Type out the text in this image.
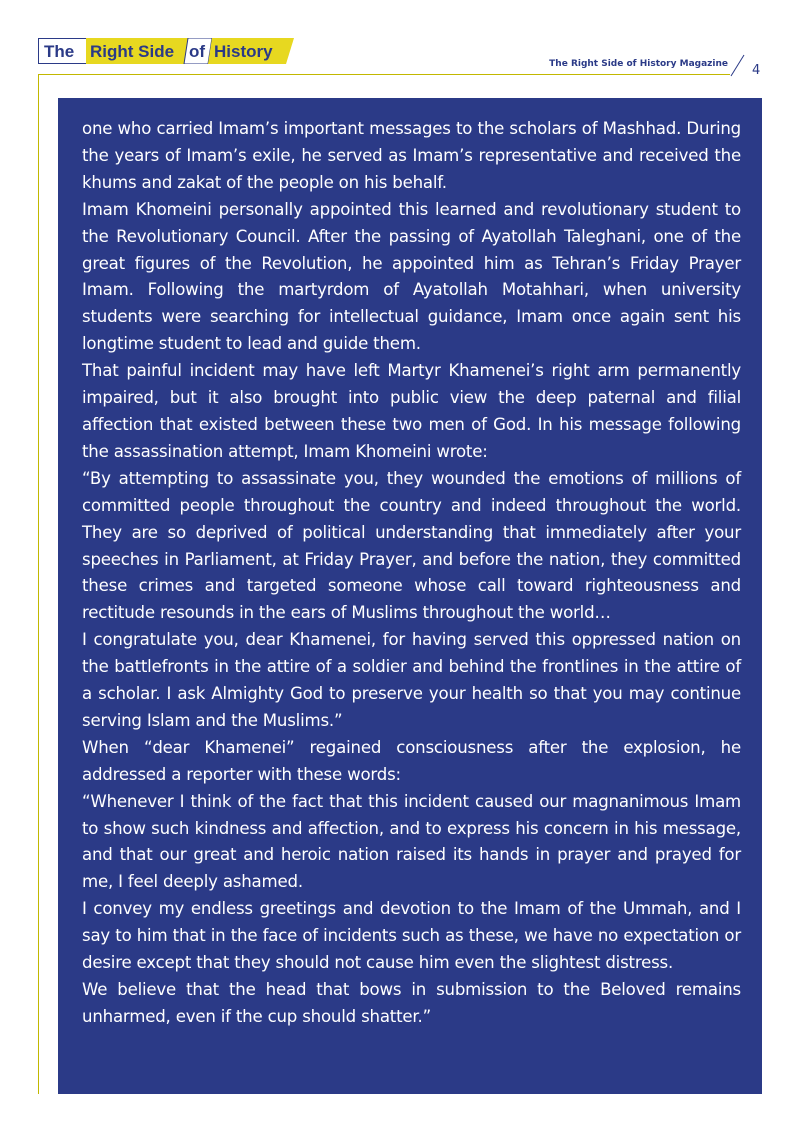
The Right Side of History
The Right Side of History Magazine 4

one who carried Imam’s important messages to the scholars of Mashhad. During the years of Imam’s exile, he served as Imam’s representative and received the khums and zakat of the people on his behalf.

Imam Khomeini personally appointed this learned and revolutionary student to the Revolutionary Council. After the passing of Ayatollah Taleghani, one of the great figures of the Revolution, he appointed him as Tehran’s Friday Prayer Imam. Following the martyrdom of Ayatollah Motahhari, when university students were searching for intellectual guidance, Imam once again sent his longtime student to lead and guide them.

That painful incident may have left Martyr Khamenei’s right arm permanently impaired, but it also brought into public view the deep paternal and filial affection that existed between these two men of God. In his message following the assassination attempt, Imam Khomeini wrote:

“By attempting to assassinate you, they wounded the emotions of millions of committed people throughout the country and indeed throughout the world. They are so deprived of political understanding that immediately after your speeches in Parliament, at Friday Prayer, and before the nation, they committed these crimes and targeted someone whose call toward righteousness and rectitude resounds in the ears of Muslims throughout the world…

I congratulate you, dear Khamenei, for having served this oppressed nation on the battlefronts in the attire of a soldier and behind the frontlines in the attire of a scholar. I ask Almighty God to preserve your health so that you may continue serving Islam and the Muslims.”

When “dear Khamenei” regained consciousness after the explosion, he addressed a reporter with these words:

“Whenever I think of the fact that this incident caused our magnanimous Imam to show such kindness and affection, and to express his concern in his message, and that our great and heroic nation raised its hands in prayer and prayed for me, I feel deeply ashamed.

I convey my endless greetings and devotion to the Imam of the Ummah, and I say to him that in the face of incidents such as these, we have no expectation or desire except that they should not cause him even the slightest distress.

We believe that the head that bows in submission to the Beloved remains unharmed, even if the cup should shatter.”
